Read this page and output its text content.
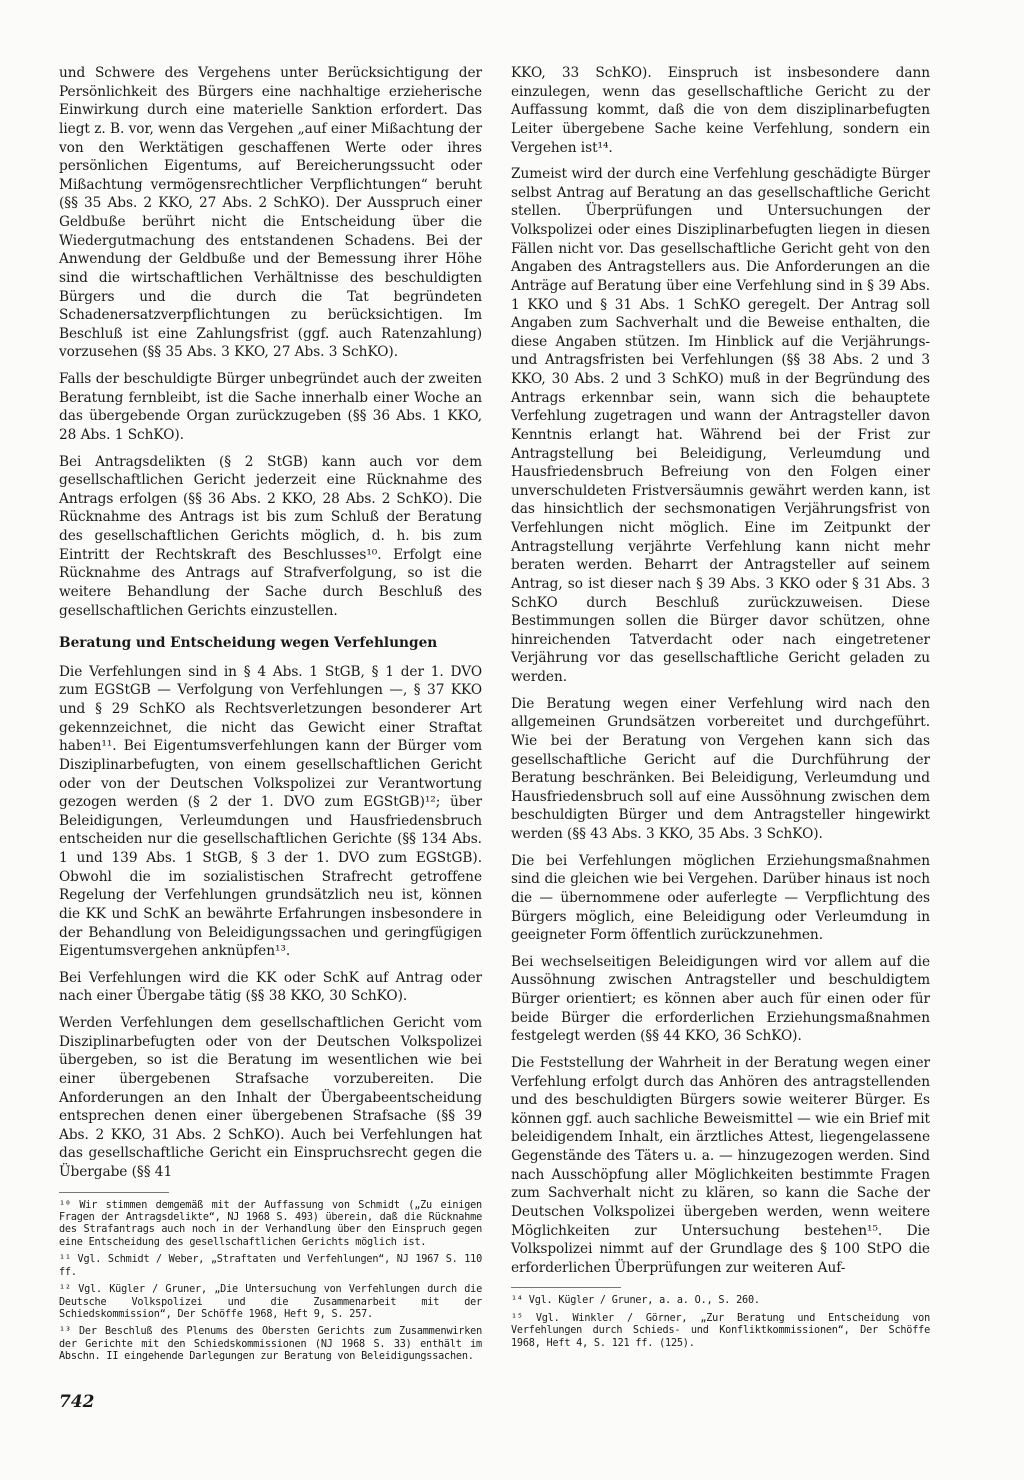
und Schwere des Vergehens unter Berücksichtigung der Persönlichkeit des Bürgers eine nachhaltige erzieherische Einwirkung durch eine materielle Sanktion erfordert. Das liegt z. B. vor, wenn das Vergehen „auf einer Mißachtung der von den Werktätigen geschaffenen Werte oder ihres persönlichen Eigentums, auf Bereicherungssucht oder Mißachtung vermögensrechtlicher Verpflichtungen“ beruht (§§ 35 Abs. 2 KKO, 27 Abs. 2 SchKO). Der Ausspruch einer Geldbuße berührt nicht die Entscheidung über die Wiedergutmachung des entstandenen Schadens. Bei der Anwendung der Geldbuße und der Bemessung ihrer Höhe sind die wirtschaftlichen Verhältnisse des beschuldigten Bürgers und die durch die Tat begründeten Schadenersatzverpflichtungen zu berücksichtigen. Im Beschluß ist eine Zahlungsfrist (ggf. auch Ratenzahlung) vorzusehen (§§ 35 Abs. 3 KKO, 27 Abs. 3 SchKO).

Falls der beschuldigte Bürger unbegründet auch der zweiten Beratung fernbleibt, ist die Sache innerhalb einer Woche an das übergebende Organ zurückzugeben (§§ 36 Abs. 1 KKO, 28 Abs. 1 SchKO).

Bei Antragsdelikten (§ 2 StGB) kann auch vor dem gesellschaftlichen Gericht jederzeit eine Rücknahme des Antrags erfolgen (§§ 36 Abs. 2 KKO, 28 Abs. 2 SchKO). Die Rücknahme des Antrags ist bis zum Schluß der Beratung des gesellschaftlichen Gerichts möglich, d. h. bis zum Eintritt der Rechtskraft des Beschlusses¹⁰. Erfolgt eine Rücknahme des Antrags auf Strafverfolgung, so ist die weitere Behandlung der Sache durch Beschluß des gesellschaftlichen Gerichts einzustellen.

Beratung und Entscheidung wegen Verfehlungen

Die Verfehlungen sind in § 4 Abs. 1 StGB, § 1 der 1. DVO zum EGStGB — Verfolgung von Verfehlungen —, § 37 KKO und § 29 SchKO als Rechtsverletzungen besonderer Art gekennzeichnet, die nicht das Gewicht einer Straftat haben¹¹. Bei Eigentumsverfehlungen kann der Bürger vom Disziplinarbefugten, von einem gesellschaftlichen Gericht oder von der Deutschen Volkspolizei zur Verantwortung gezogen werden (§ 2 der 1. DVO zum EGStGB)¹²; über Beleidigungen, Verleumdungen und Hausfriedensbruch entscheiden nur die gesellschaftlichen Gerichte (§§ 134 Abs. 1 und 139 Abs. 1 StGB, § 3 der 1. DVO zum EGStGB). Obwohl die im sozialistischen Strafrecht getroffene Regelung der Verfehlungen grundsätzlich neu ist, können die KK und SchK an bewährte Erfahrungen insbesondere in der Behandlung von Beleidigungssachen und geringfügigen Eigentumsvergehen anknüpfen¹³.

Bei Verfehlungen wird die KK oder SchK auf Antrag oder nach einer Übergabe tätig (§§ 38 KKO, 30 SchKO).

Werden Verfehlungen dem gesellschaftlichen Gericht vom Disziplinarbefugten oder von der Deutschen Volkspolizei übergeben, so ist die Beratung im wesentlichen wie bei einer übergebenen Strafsache vorzubereiten. Die Anforderungen an den Inhalt der Übergabeentscheidung entsprechen denen einer übergebenen Strafsache (§§ 39 Abs. 2 KKO, 31 Abs. 2 SchKO). Auch bei Verfehlungen hat das gesellschaftliche Gericht ein Einspruchsrecht gegen die Übergabe (§§ 41

¹⁰ Wir stimmen demgemäß mit der Auffassung von Schmidt („Zu einigen Fragen der Antragsdelikte“, NJ 1968 S. 493) überein, daß die Rücknahme des Strafantrags auch noch in der Verhandlung über den Einspruch gegen eine Entscheidung des gesellschaftlichen Gerichts möglich ist.

¹¹ Vgl. Schmidt / Weber, „Straftaten und Verfehlungen“, NJ 1967 S. 110 ff.

¹² Vgl. Kügler / Gruner, „Die Untersuchung von Verfehlungen durch die Deutsche Volkspolizei und die Zusammenarbeit mit der Schiedskommission“, Der Schöffe 1968, Heft 9, S. 257.

¹³ Der Beschluß des Plenums des Obersten Gerichts zum Zusammenwirken der Gerichte mit den Schiedskommissionen (NJ 1968 S. 33) enthält im Abschn. II eingehende Darlegungen zur Beratung von Beleidigungssachen.

KKO, 33 SchKO). Einspruch ist insbesondere dann einzulegen, wenn das gesellschaftliche Gericht zu der Auffassung kommt, daß die von dem disziplinarbefugten Leiter übergebene Sache keine Verfehlung, sondern ein Vergehen ist¹⁴.

Zumeist wird der durch eine Verfehlung geschädigte Bürger selbst Antrag auf Beratung an das gesellschaftliche Gericht stellen. Überprüfungen und Untersuchungen der Volkspolizei oder eines Disziplinarbefugten liegen in diesen Fällen nicht vor. Das gesellschaftliche Gericht geht von den Angaben des Antragstellers aus. Die Anforderungen an die Anträge auf Beratung über eine Verfehlung sind in § 39 Abs. 1 KKO und § 31 Abs. 1 SchKO geregelt. Der Antrag soll Angaben zum Sachverhalt und die Beweise enthalten, die diese Angaben stützen. Im Hinblick auf die Verjährungs- und Antragsfristen bei Verfehlungen (§§ 38 Abs. 2 und 3 KKO, 30 Abs. 2 und 3 SchKO) muß in der Begründung des Antrags erkennbar sein, wann sich die behauptete Verfehlung zugetragen und wann der Antragsteller davon Kenntnis erlangt hat. Während bei der Frist zur Antragstellung bei Beleidigung, Verleumdung und Hausfriedensbruch Befreiung von den Folgen einer unverschuldeten Fristversäumnis gewährt werden kann, ist das hinsichtlich der sechsmonatigen Verjährungsfrist von Verfehlungen nicht möglich. Eine im Zeitpunkt der Antragstellung verjährte Verfehlung kann nicht mehr beraten werden. Beharrt der Antragsteller auf seinem Antrag, so ist dieser nach § 39 Abs. 3 KKO oder § 31 Abs. 3 SchKO durch Beschluß zurückzuweisen. Diese Bestimmungen sollen die Bürger davor schützen, ohne hinreichenden Tatverdacht oder nach eingetretener Verjährung vor das gesellschaftliche Gericht geladen zu werden.

Die Beratung wegen einer Verfehlung wird nach den allgemeinen Grundsätzen vorbereitet und durchgeführt. Wie bei der Beratung von Vergehen kann sich das gesellschaftliche Gericht auf die Durchführung der Beratung beschränken. Bei Beleidigung, Verleumdung und Hausfriedensbruch soll auf eine Aussöhnung zwischen dem beschuldigten Bürger und dem Antragsteller hingewirkt werden (§§ 43 Abs. 3 KKO, 35 Abs. 3 SchKO).

Die bei Verfehlungen möglichen Erziehungsmaßnahmen sind die gleichen wie bei Vergehen. Darüber hinaus ist noch die — übernommene oder auferlegte — Verpflichtung des Bürgers möglich, eine Beleidigung oder Verleumdung in geeigneter Form öffentlich zurückzunehmen.

Bei wechselseitigen Beleidigungen wird vor allem auf die Aussöhnung zwischen Antragsteller und beschuldigtem Bürger orientiert; es können aber auch für einen oder für beide Bürger die erforderlichen Erziehungsmaßnahmen festgelegt werden (§§ 44 KKO, 36 SchKO).

Die Feststellung der Wahrheit in der Beratung wegen einer Verfehlung erfolgt durch das Anhören des antragstellenden und des beschuldigten Bürgers sowie weiterer Bürger. Es können ggf. auch sachliche Beweismittel — wie ein Brief mit beleidigendem Inhalt, ein ärztliches Attest, liegengelassene Gegenstände des Täters u. a. — hinzugezogen werden. Sind nach Ausschöpfung aller Möglichkeiten bestimmte Fragen zum Sachverhalt nicht zu klären, so kann die Sache der Deutschen Volkspolizei übergeben werden, wenn weitere Möglichkeiten zur Untersuchung bestehen¹⁵. Die Volkspolizei nimmt auf der Grundlage des § 100 StPO die erforderlichen Überprüfungen zur weiteren Auf-

¹⁴ Vgl. Kügler / Gruner, a. a. O., S. 260.

¹⁵ Vgl. Winkler / Görner, „Zur Beratung und Entscheidung von Verfehlungen durch Schieds- und Konfliktkommissionen“, Der Schöffe 1968, Heft 4, S. 121 ff. (125).

742
